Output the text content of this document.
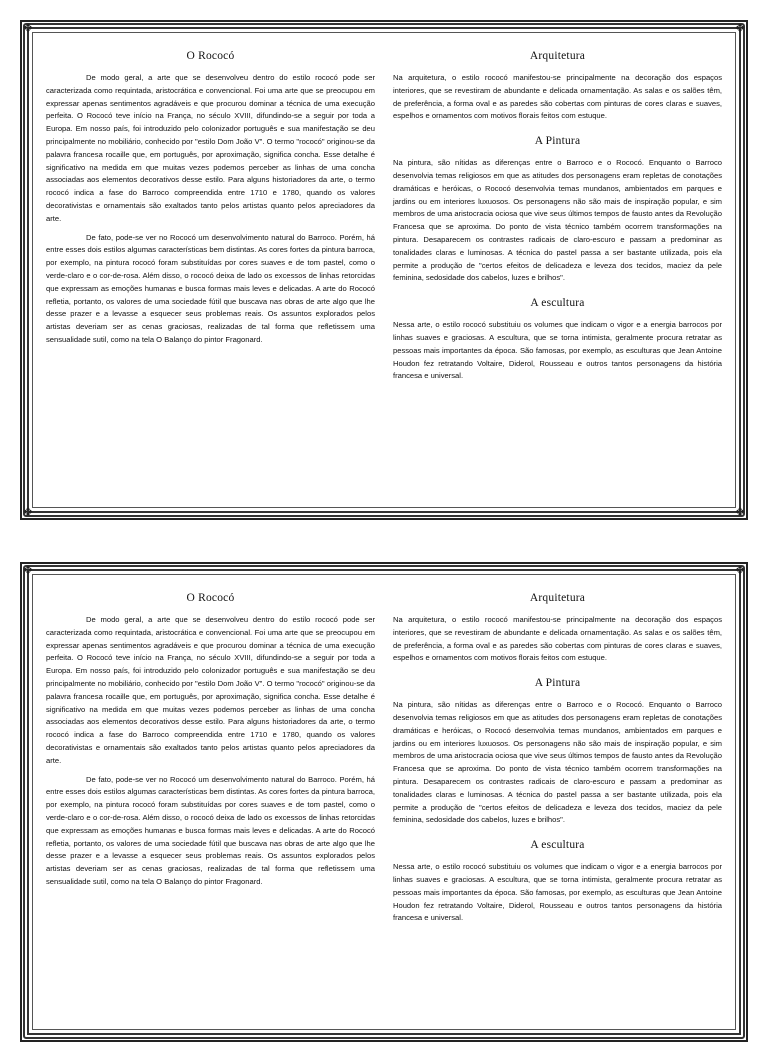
❖	❖
❖	❖
O Rococó

De modo geral, a arte que se desenvolveu dentro do estilo rococó pode ser caracterizada como requintada, aristocrática e convencional. Foi uma arte que se preocupou em expressar apenas sentimentos agradáveis e que procurou dominar a técnica de uma execução perfeita. O Rococó teve início na França, no século XVIII, difundindo-se a seguir por toda a Europa. Em nosso país, foi introduzido pelo colonizador português e sua manifestação se deu principalmente no mobiliário, conhecido por "estilo Dom João V". O termo "rococó" originou-se da palavra francesa rocaille que, em português, por aproximação, significa concha. Esse detalhe é significativo na medida em que muitas vezes podemos perceber as linhas de uma concha associadas aos elementos decorativos desse estilo. Para alguns historiadores da arte, o termo rococó indica a fase do Barroco compreendida entre 1710 e 1780, quando os valores decorativistas e ornamentais são exaltados tanto pelos artistas quanto pelos apreciadores da arte.

De fato, pode-se ver no Rococó um desenvolvimento natural do Barroco. Porém, há entre esses dois estilos algumas características bem distintas. As cores fortes da pintura barroca, por exemplo, na pintura rococó foram substituídas por cores suaves e de tom pastel, como o verde-claro e o cor-de-rosa. Além disso, o rococó deixa de lado os excessos de linhas retorcidas que expressam as emoções humanas e busca formas mais leves e delicadas. A arte do Rococó refletia, portanto, os valores de uma sociedade fútil que buscava nas obras de arte algo que lhe desse prazer e a levasse a esquecer seus problemas reais. Os assuntos explorados pelos artistas deveriam ser as cenas graciosas, realizadas de tal forma que refletissem uma sensualidade sutil, como na tela O Balanço do pintor Fragonard.

Arquitetura

Na arquitetura, o estilo rococó manifestou-se principalmente na decoração dos espaços interiores, que se revestiram de abundante e delicada ornamentação. As salas e os salões têm, de preferência, a forma oval e as paredes são cobertas com pinturas de cores claras e suaves, espelhos e ornamentos com motivos florais feitos com estuque.

A Pintura

Na pintura, são nítidas as diferenças entre o Barroco e o Rococó. Enquanto o Barroco desenvolvia temas religiosos em que as atitudes dos personagens eram repletas de conotações dramáticas e heróicas, o Rococó desenvolvia temas mundanos, ambientados em parques e jardins ou em interiores luxuosos. Os personagens não são mais de inspiração popular, e sim membros de uma aristocracia ociosa que vive seus últimos tempos de fausto antes da Revolução Francesa que se aproxima. Do ponto de vista técnico também ocorrem transformações na pintura. Desaparecem os contrastes radicais de claro-escuro e passam a predominar as tonalidades claras e luminosas. A técnica do pastel passa a ser bastante utilizada, pois ela permite a produção de "certos efeitos de delicadeza e leveza dos tecidos, maciez da pele feminina, sedosidade dos cabelos, luzes e brilhos".

A escultura

Nessa arte, o estilo rococó substituiu os volumes que indicam o vigor e a energia barrocos por linhas suaves e graciosas. A escultura, que se torna intimista, geralmente procura retratar as pessoas mais importantes da época. São famosas, por exemplo, as esculturas que Jean Antoine Houdon fez retratando Voltaire, Diderol, Rousseau e outros tantos personagens da história francesa e universal.

❖	❖
O Rococó

De modo geral, a arte que se desenvolveu dentro do estilo rococó pode ser caracterizada como requintada, aristocrática e convencional. Foi uma arte que se preocupou em expressar apenas sentimentos agradáveis e que procurou dominar a técnica de uma execução perfeita. O Rococó teve início na França, no século XVIII, difundindo-se a seguir por toda a Europa. Em nosso país, foi introduzido pelo colonizador português e sua manifestação se deu principalmente no mobiliário, conhecido por "estilo Dom João V". O termo "rococó" originou-se da palavra francesa rocaille que, em português, por aproximação, significa concha. Esse detalhe é significativo na medida em que muitas vezes podemos perceber as linhas de uma concha associadas aos elementos decorativos desse estilo. Para alguns historiadores da arte, o termo rococó indica a fase do Barroco compreendida entre 1710 e 1780, quando os valores decorativistas e ornamentais são exaltados tanto pelos artistas quanto pelos apreciadores da arte.

De fato, pode-se ver no Rococó um desenvolvimento natural do Barroco. Porém, há entre esses dois estilos algumas características bem distintas. As cores fortes da pintura barroca, por exemplo, na pintura rococó foram substituídas por cores suaves e de tom pastel, como o verde-claro e o cor-de-rosa. Além disso, o rococó deixa de lado os excessos de linhas retorcidas que expressam as emoções humanas e busca formas mais leves e delicadas. A arte do Rococó refletia, portanto, os valores de uma sociedade fútil que buscava nas obras de arte algo que lhe desse prazer e a levasse a esquecer seus problemas reais. Os assuntos explorados pelos artistas deveriam ser as cenas graciosas, realizadas de tal forma que refletissem uma sensualidade sutil, como na tela O Balanço do pintor Fragonard.

Arquitetura

Na arquitetura, o estilo rococó manifestou-se principalmente na decoração dos espaços interiores, que se revestiram de abundante e delicada ornamentação. As salas e os salões têm, de preferência, a forma oval e as paredes são cobertas com pinturas de cores claras e suaves, espelhos e ornamentos com motivos florais feitos com estuque.

A Pintura

Na pintura, são nítidas as diferenças entre o Barroco e o Rococó. Enquanto o Barroco desenvolvia temas religiosos em que as atitudes dos personagens eram repletas de conotações dramáticas e heróicas, o Rococó desenvolvia temas mundanos, ambientados em parques e jardins ou em interiores luxuosos. Os personagens não são mais de inspiração popular, e sim membros de uma aristocracia ociosa que vive seus últimos tempos de fausto antes da Revolução Francesa que se aproxima. Do ponto de vista técnico também ocorrem transformações na pintura. Desaparecem os contrastes radicais de claro-escuro e passam a predominar as tonalidades claras e luminosas. A técnica do pastel passa a ser bastante utilizada, pois ela permite a produção de "certos efeitos de delicadeza e leveza dos tecidos, maciez da pele feminina, sedosidade dos cabelos, luzes e brilhos".

A escultura

Nessa arte, o estilo rococó substituiu os volumes que indicam o vigor e a energia barrocos por linhas suaves e graciosas. A escultura, que se torna intimista, geralmente procura retratar as pessoas mais importantes da época. São famosas, por exemplo, as esculturas que Jean Antoine Houdon fez retratando Voltaire, Diderol, Rousseau e outros tantos personagens da história francesa e universal.
